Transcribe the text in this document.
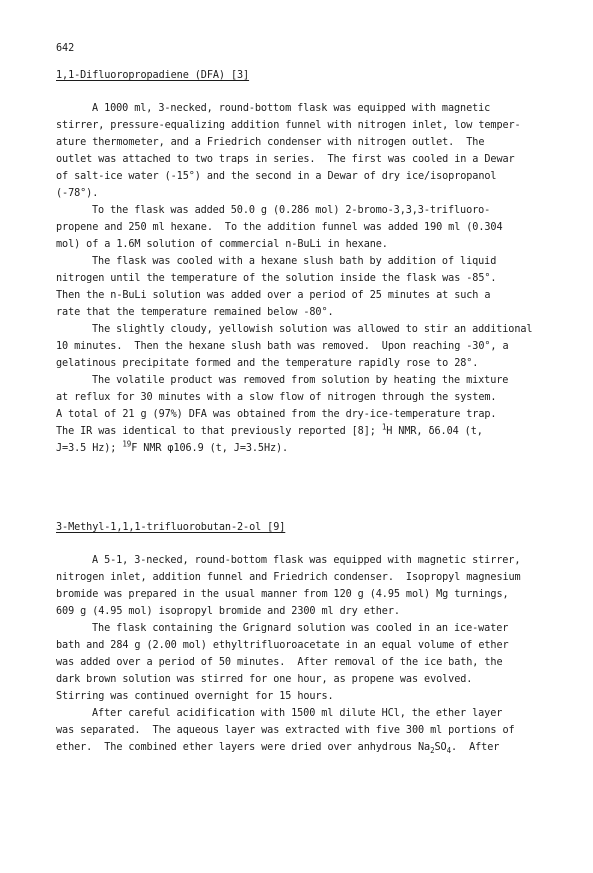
642
1,1-Difluoropropadiene (DFA) [3]
A 1000 ml, 3-necked, round-bottom flask was equipped with magnetic
stirrer, pressure-equalizing addition funnel with nitrogen inlet, low temper-
ature thermometer, and a Friedrich condenser with nitrogen outlet.  The
outlet was attached to two traps in series.  The first was cooled in a Dewar
of salt-ice water (-15°) and the second in a Dewar of dry ice/isopropanol
(-78°).
To the flask was added 50.0 g (0.286 mol) 2-bromo-3,3,3-trifluoro-
propene and 250 ml hexane.  To the addition funnel was added 190 ml (0.304
mol) of a 1.6M solution of commercial n-BuLi in hexane.
The flask was cooled with a hexane slush bath by addition of liquid
nitrogen until the temperature of the solution inside the flask was -85°.
Then the n-BuLi solution was added over a period of 25 minutes at such a
rate that the temperature remained below -80°.
The slightly cloudy, yellowish solution was allowed to stir an additional
10 minutes.  Then the hexane slush bath was removed.  Upon reaching -30°, a
gelatinous precipitate formed and the temperature rapidly rose to 28°.
The volatile product was removed from solution by heating the mixture
at reflux for 30 minutes with a slow flow of nitrogen through the system.
A total of 21 g (97%) DFA was obtained from the dry-ice-temperature trap.
The IR was identical to that previously reported [8]; $^1$H NMR, δ6.04 (t,
J=3.5 Hz); $^{19}$F NMR φ106.9 (t, J=3.5Hz).
3-Methyl-1,1,1-trifluorobutan-2-ol [9]
A 5-1, 3-necked, round-bottom flask was equipped with magnetic stirrer,
nitrogen inlet, addition funnel and Friedrich condenser.  Isopropyl magnesium
bromide was prepared in the usual manner from 120 g (4.95 mol) Mg turnings,
609 g (4.95 mol) isopropyl bromide and 2300 ml dry ether.
The flask containing the Grignard solution was cooled in an ice-water
bath and 284 g (2.00 mol) ethyltrifluoroacetate in an equal volume of ether
was added over a period of 50 minutes.  After removal of the ice bath, the
dark brown solution was stirred for one hour, as propene was evolved.
Stirring was continued overnight for 15 hours.
After careful acidification with 1500 ml dilute HCl, the ether layer
was separated.  The aqueous layer was extracted with five 300 ml portions of
ether.  The combined ether layers were dried over anhydrous $Na_2SO_4$.  After
